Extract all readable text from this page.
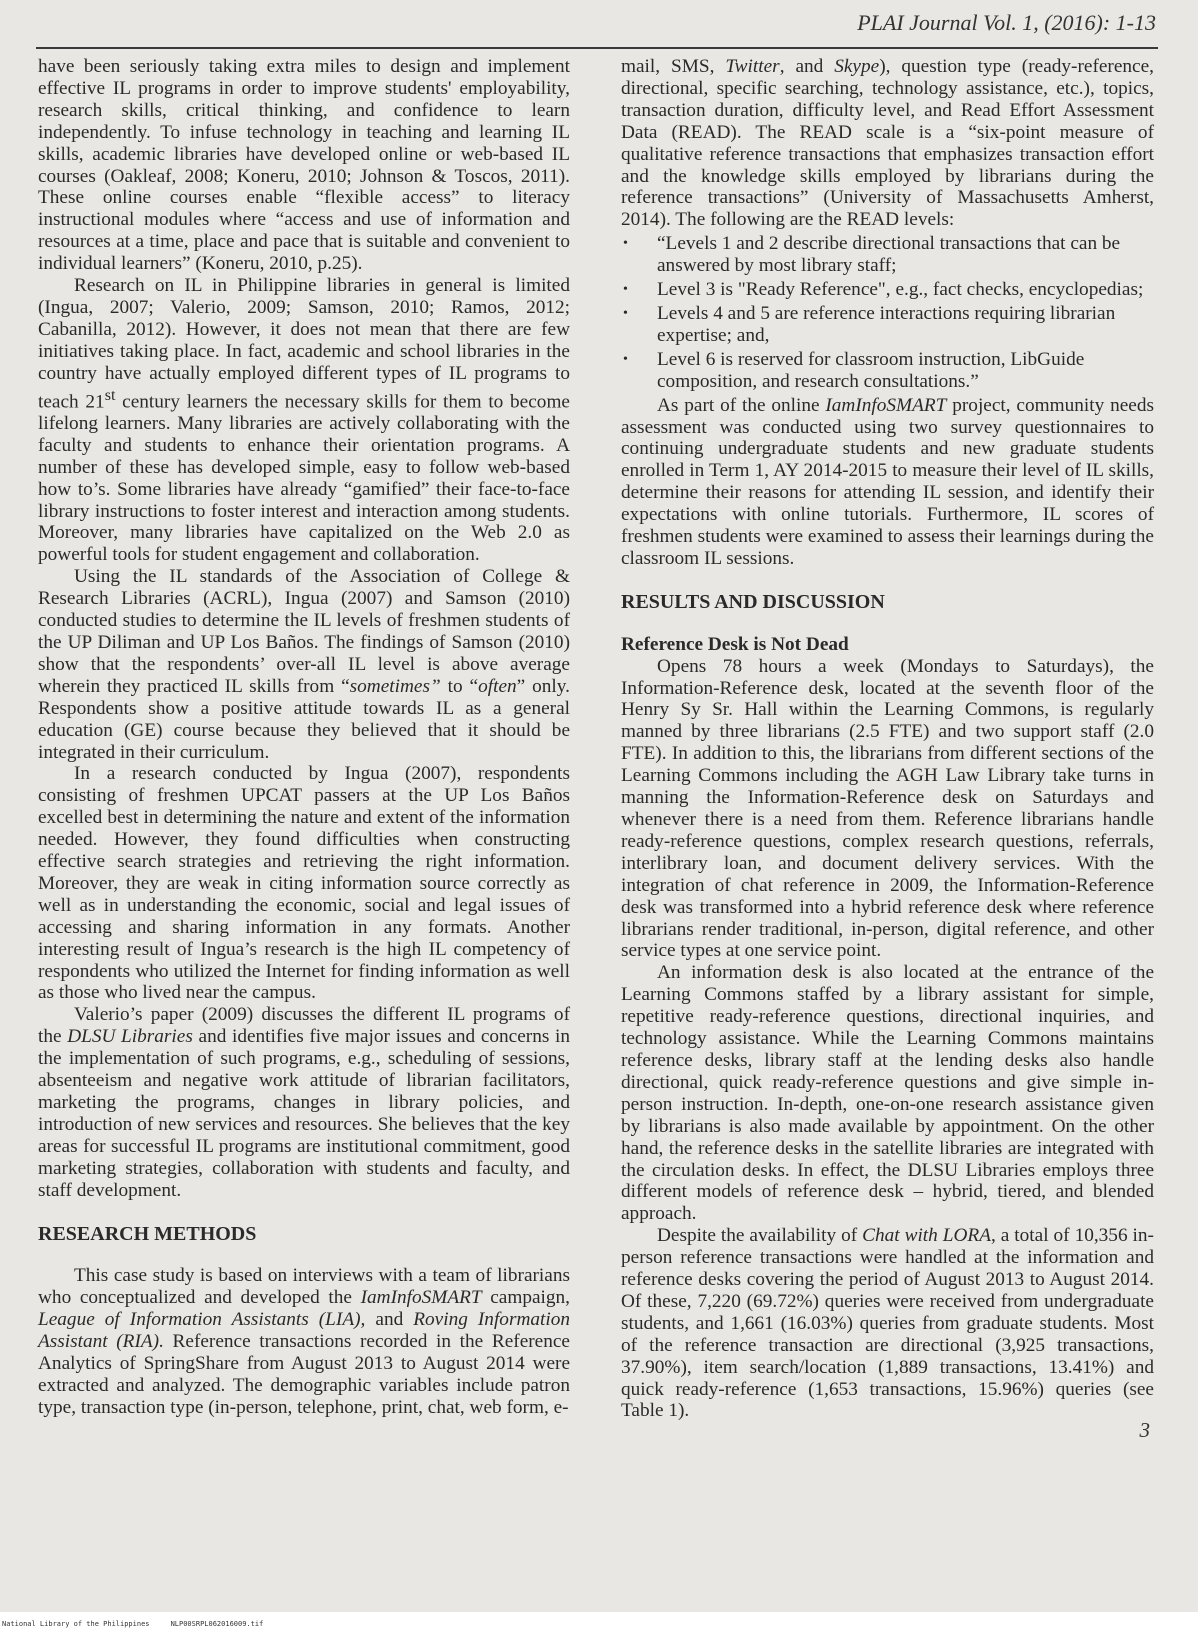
PLAI Journal Vol. 1, (2016): 1-13

have been seriously taking extra miles to design and implement effective IL programs in order to improve students' employability, research skills, critical thinking, and confidence to learn independently. To infuse technology in teaching and learning IL skills, academic libraries have developed online or web-based IL courses (Oakleaf, 2008; Koneru, 2010; Johnson & Toscos, 2011). These online courses enable “flexible access” to literacy instructional modules where “access and use of information and resources at a time, place and pace that is suitable and convenient to individual learners” (Koneru, 2010, p.25).

Research on IL in Philippine libraries in general is limited (Ingua, 2007; Valerio, 2009; Samson, 2010; Ramos, 2012; Cabanilla, 2012). However, it does not mean that there are few initiatives taking place. In fact, academic and school libraries in the country have actually employed different types of IL programs to teach 21st century learners the necessary skills for them to become lifelong learners. Many libraries are actively collaborating with the faculty and students to enhance their orientation programs. A number of these has developed simple, easy to follow web-based how to’s. Some libraries have already “gamified” their face-to-face library instructions to foster interest and interaction among students. Moreover, many libraries have capitalized on the Web 2.0 as powerful tools for student engagement and collaboration.

Using the IL standards of the Association of College & Research Libraries (ACRL), Ingua (2007) and Samson (2010) conducted studies to determine the IL levels of freshmen students of the UP Diliman and UP Los Baños. The findings of Samson (2010) show that the respondents’ over-all IL level is above average wherein they practiced IL skills from “sometimes” to “often” only. Respondents show a positive attitude towards IL as a general education (GE) course because they believed that it should be integrated in their curriculum.

In a research conducted by Ingua (2007), respondents consisting of freshmen UPCAT passers at the UP Los Baños excelled best in determining the nature and extent of the information needed. However, they found difficulties when constructing effective search strategies and retrieving the right information. Moreover, they are weak in citing information source correctly as well as in understanding the economic, social and legal issues of accessing and sharing information in any formats. Another interesting result of Ingua’s research is the high IL competency of respondents who utilized the Internet for finding information as well as those who lived near the campus.

Valerio’s paper (2009) discusses the different IL programs of the DLSU Libraries and identifies five major issues and concerns in the implementation of such programs, e.g., scheduling of sessions, absenteeism and negative work attitude of librarian facilitators, marketing the programs, changes in library policies, and introduction of new services and resources. She believes that the key areas for successful IL programs are institutional commitment, good marketing strategies, collaboration with students and faculty, and staff development.

RESEARCH METHODS

This case study is based on interviews with a team of librarians who conceptualized and developed the IamInfoSMART campaign, League of Information Assistants (LIA), and Roving Information Assistant (RIA). Reference transactions recorded in the Reference Analytics of SpringShare from August 2013 to August 2014 were extracted and analyzed. The demographic variables include patron type, transaction type (in-person, telephone, print, chat, web form, e-

mail, SMS, Twitter, and Skype), question type (ready-reference, directional, specific searching, technology assistance, etc.), topics, transaction duration, difficulty level, and Read Effort Assessment Data (READ). The READ scale is a “six-point measure of qualitative reference transactions that emphasizes transaction effort and the knowledge skills employed by librarians during the reference transactions” (University of Massachusetts Amherst, 2014). The following are the READ levels:

• “Levels 1 and 2 describe directional transactions that can be answered by most library staff;
• Level 3 is "Ready Reference", e.g., fact checks, encyclopedias;
• Levels 4 and 5 are reference interactions requiring librarian expertise; and,
• Level 6 is reserved for classroom instruction, LibGuide composition, and research consultations.”

As part of the online IamInfoSMART project, community needs assessment was conducted using two survey questionnaires to continuing undergraduate students and new graduate students enrolled in Term 1, AY 2014-2015 to measure their level of IL skills, determine their reasons for attending IL session, and identify their expectations with online tutorials. Furthermore, IL scores of freshmen students were examined to assess their learnings during the classroom IL sessions.

RESULTS AND DISCUSSION

Reference Desk is Not Dead

Opens 78 hours a week (Mondays to Saturdays), the Information-Reference desk, located at the seventh floor of the Henry Sy Sr. Hall within the Learning Commons, is regularly manned by three librarians (2.5 FTE) and two support staff (2.0 FTE). In addition to this, the librarians from different sections of the Learning Commons including the AGH Law Library take turns in manning the Information-Reference desk on Saturdays and whenever there is a need from them. Reference librarians handle ready-reference questions, complex research questions, referrals, interlibrary loan, and document delivery services. With the integration of chat reference in 2009, the Information-Reference desk was transformed into a hybrid reference desk where reference librarians render traditional, in-person, digital reference, and other service types at one service point.

An information desk is also located at the entrance of the Learning Commons staffed by a library assistant for simple, repetitive ready-reference questions, directional inquiries, and technology assistance. While the Learning Commons maintains reference desks, library staff at the lending desks also handle directional, quick ready-reference questions and give simple in-person instruction. In-depth, one-on-one research assistance given by librarians is also made available by appointment. On the other hand, the reference desks in the satellite libraries are integrated with the circulation desks. In effect, the DLSU Libraries employs three different models of reference desk – hybrid, tiered, and blended approach.

Despite the availability of Chat with LORA, a total of 10,356 in-person reference transactions were handled at the information and reference desks covering the period of August 2013 to August 2014. Of these, 7,220 (69.72%) queries were received from undergraduate students, and 1,661 (16.03%) queries from graduate students. Most of the reference transaction are directional (3,925 transactions, 37.90%), item search/location (1,889 transactions, 13.41%) and quick ready-reference (1,653 transactions, 15.96%) queries (see Table 1).

3
National Library of the Philippines     NLP00SRPL062016009.tif
